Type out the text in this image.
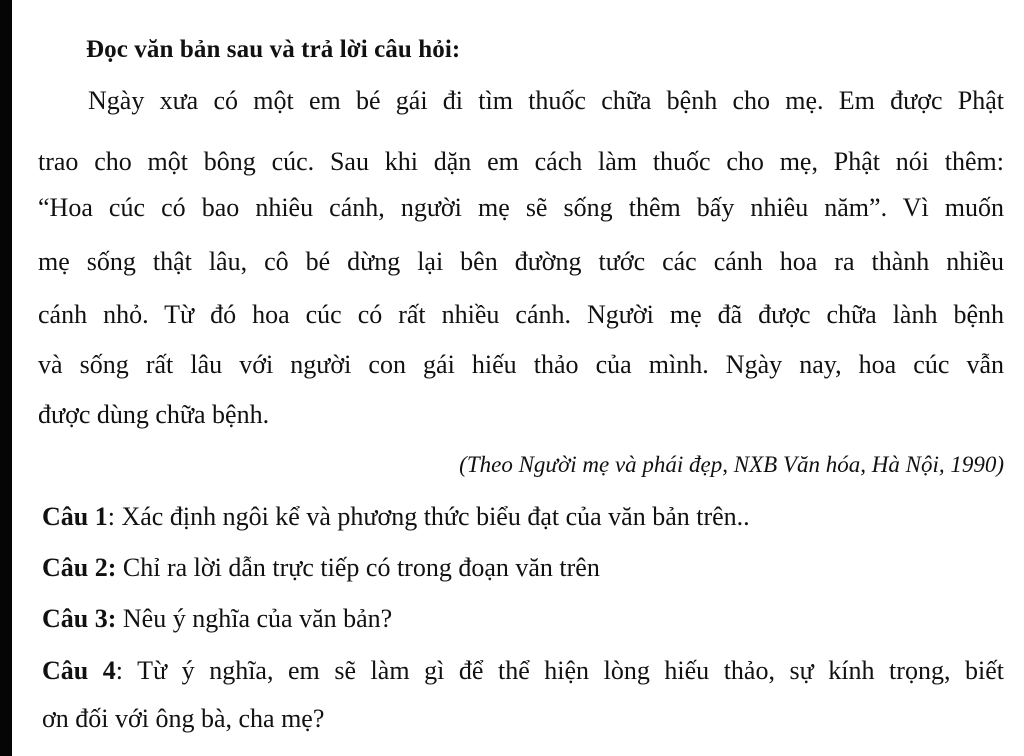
Đọc văn bản sau và trả lời câu hỏi:
Ngày xưa có một em bé gái đi tìm thuốc chữa bệnh cho mẹ. Em được Phật
trao cho một bông cúc. Sau khi dặn em cách làm thuốc cho mẹ, Phật nói thêm:
“Hoa cúc có bao nhiêu cánh, người mẹ sẽ sống thêm bấy nhiêu năm”. Vì muốn
mẹ sống thật lâu, cô bé dừng lại bên đường tước các cánh hoa ra thành nhiều
cánh nhỏ. Từ đó hoa cúc có rất nhiều cánh. Người mẹ đã được chữa lành bệnh
và sống rất lâu với người con gái hiếu thảo của mình. Ngày nay, hoa cúc vẫn
được dùng chữa bệnh.
(Theo Người mẹ và phái đẹp, NXB Văn hóa, Hà Nội, 1990)
Câu 1: Xác định ngôi kể và phương thức biểu đạt của văn bản trên..
Câu 2: Chỉ ra lời dẫn trực tiếp có trong đoạn văn trên
Câu 3: Nêu ý nghĩa của văn bản?
Câu 4: Từ ý nghĩa, em sẽ làm gì để thể hiện lòng hiếu thảo, sự kính trọng, biết
ơn đối với ông bà, cha mẹ?
